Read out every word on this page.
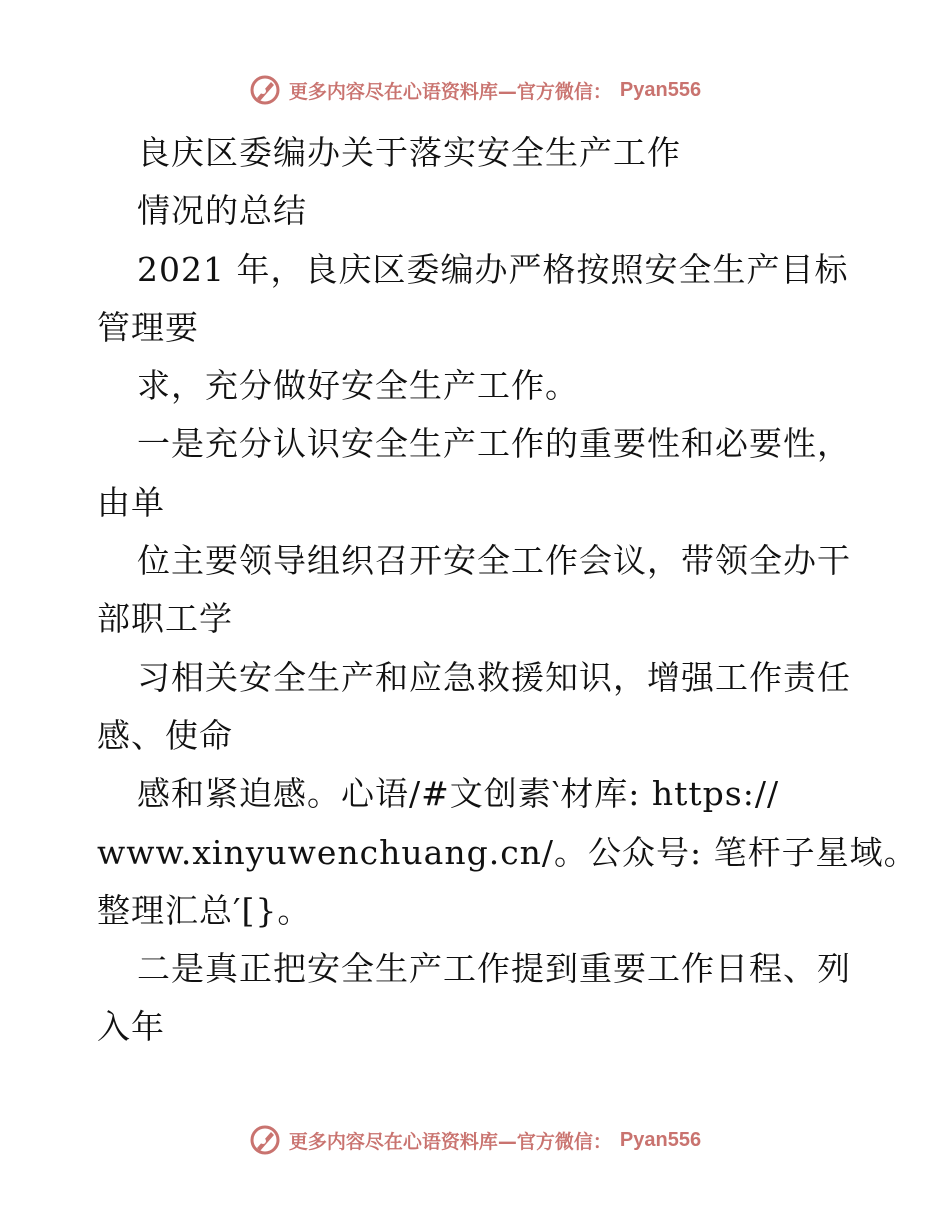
更多内容尽在心语资料库—官方微信： Pyan556
良庆区委编办关于落实安全生产工作
情况的总结
2021 年，良庆区委编办严格按照安全生产目标
管理要
求，充分做好安全生产工作。
一是充分认识安全生产工作的重要性和必要性，
由单
位主要领导组织召开安全工作会议，带领全办干
部职工学
习相关安全生产和应急救援知识，增强工作责任
感、使命
感和紧迫感。心语/#文创素‵材库: https://
www.xinyuwenchuang.cn/。公众号: 笔杆子星域。
整理汇总′[}。
二是真正把安全生产工作提到重要工作日程、列
入年
更多内容尽在心语资料库—官方微信： Pyan556
